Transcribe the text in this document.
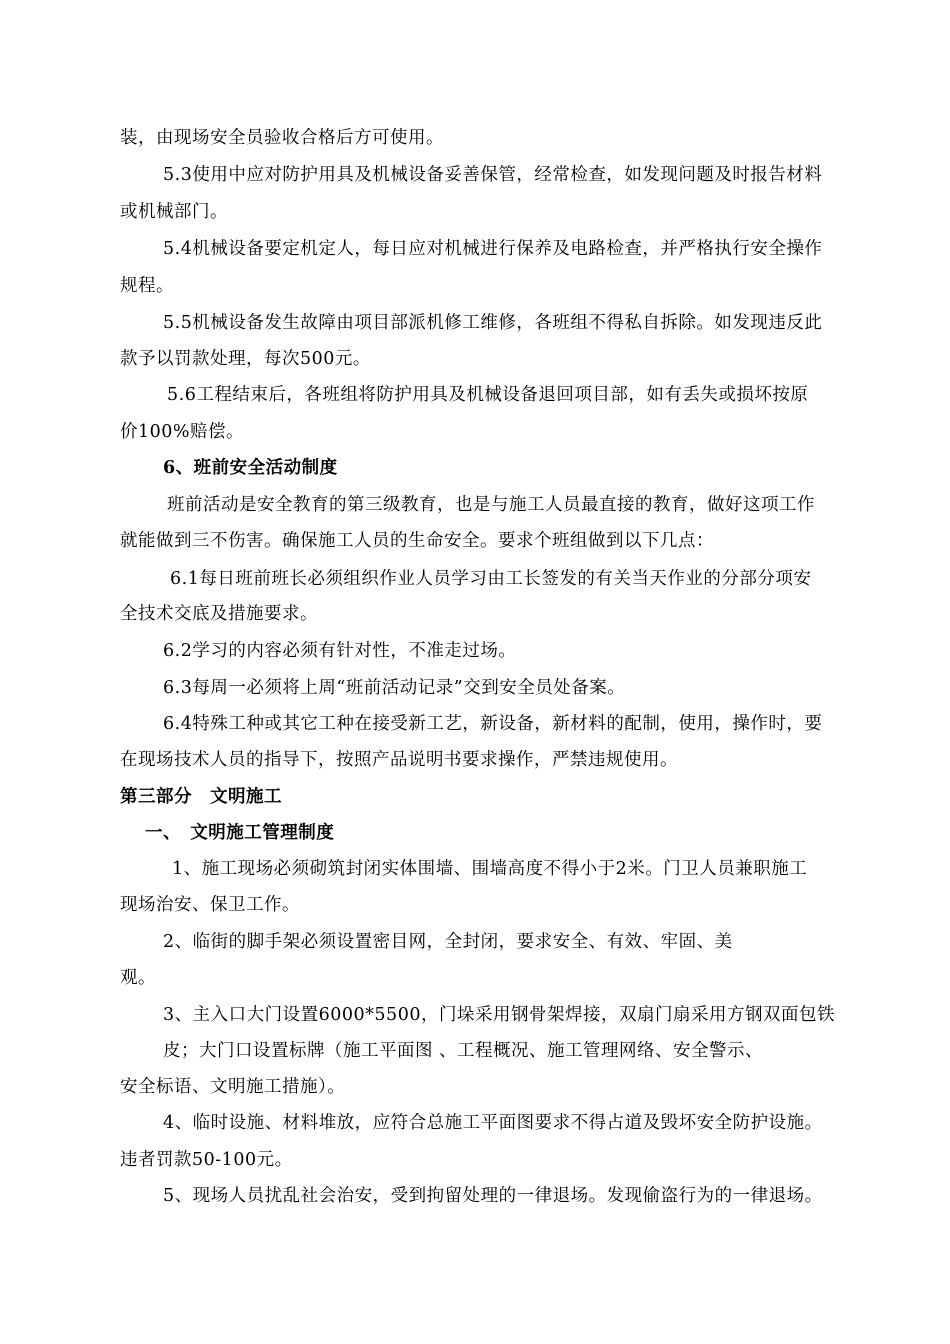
装，由现场安全员验收合格后方可使用。
5.3使用中应对防护用具及机械设备妥善保管，经常检查，如发现问题及时报告材料
或机械部门。
5.4机械设备要定机定人，每日应对机械进行保养及电路检查，并严格执行安全操作
规程。
5.5机械设备发生故障由项目部派机修工维修，各班组不得私自拆除。如发现违反此
款予以罚款处理，每次500元。
5.6工程结束后，各班组将防护用具及机械设备退回项目部，如有丢失或损坏按原
价100%赔偿。
6、班前安全活动制度
班前活动是安全教育的第三级教育，也是与施工人员最直接的教育，做好这项工作
就能做到三不伤害。确保施工人员的生命安全。要求个班组做到以下几点：
6.1每日班前班长必须组织作业人员学习由工长签发的有关当天作业的分部分项安
全技术交底及措施要求。
6.2学习的内容必须有针对性，不准走过场。
6.3每周一必须将上周“班前活动记录”交到安全员处备案。
6.4特殊工种或其它工种在接受新工艺，新设备，新材料的配制，使用，操作时，要
在现场技术人员的指导下，按照产品说明书要求操作，严禁违规使用。
第三部分　文明施工
一、　文明施工管理制度
1、施工现场必须砌筑封闭实体围墙、围墙高度不得小于2米。门卫人员兼职施工
现场治安、保卫工作。
2、临街的脚手架必须设置密目网，全封闭，要求安全、有效、牢固、美
观。
3、主入口大门设置6000*5500，门垛采用钢骨架焊接，双扇门扇采用方钢双面包铁
皮；大门口设置标牌（施工平面图 、工程概况、施工管理网络、安全警示、
安全标语、文明施工措施）。
4、临时设施、材料堆放，应符合总施工平面图要求不得占道及毁坏安全防护设施。
违者罚款50-100元。
5、现场人员扰乱社会治安，受到拘留处理的一律退场。发现偷盗行为的一律退场。
